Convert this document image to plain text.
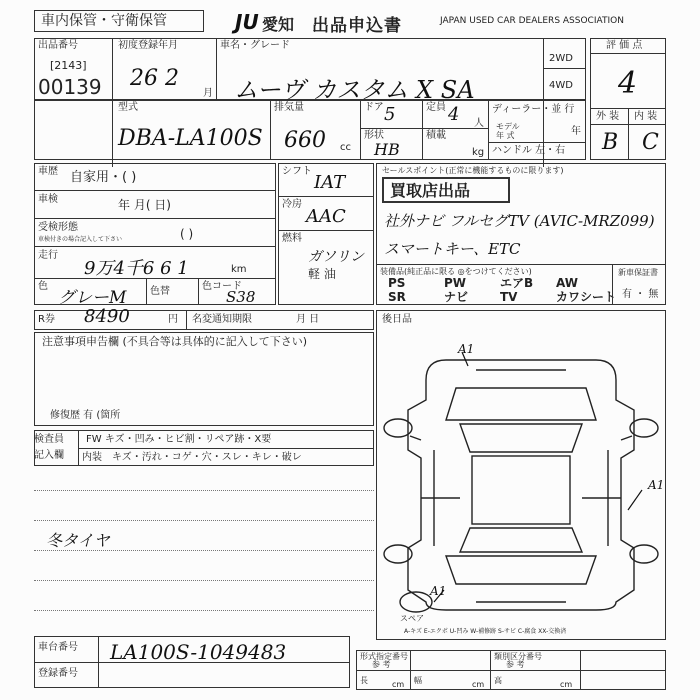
車内保管・守衛保管	JU 愛知 出品申込書	JAPAN USED CAR DEALERS ASSOCIATION
出品番号
[2143]
00139
初度登録年月
26 2
月
車名・グレード
ムーヴ カスタム X SA
2WD
4WD
評 価 点
4
外 装 内 装
B C
型式
DBA-LA100S
排気量
660 cc
ドア 5
形状
HB
定員 4 人
積載
kg
ディーラー・並 行
モデル
年 式	年
ハンドル 左・右
車歴 自家用・( )
車検	年 月( 日)
受検形態
車検付きの場合記入して下さい	( )
走行
9万4千6 6 1	km
色
グレーM 色替	色コード
S38
シフト
IAT
冷房
AAC
燃料
ガソリン
軽 油
セールスポイント(正常に機能するものに限ります)
買取店出品
社外ナビ フルセグTV (AVIC-MRZ099)
スマートキー、ETC
装備品(純正品に限る ◎をつけてください)
PS	PW	エアB AW
SR	ナビ	TV	カワシート
新車保証書
有 ・ 無
R券 8490	円 名変通知期限	月 日
注意事項申告欄 (不具合等は具体的に記入して下さい)
修復歴 有 (箇所
検査員
記入欄
FW キズ・凹み・ヒビ割・リペア跡・X要
内装 キズ・汚れ・コゲ・穴・スレ・キレ・破レ
冬タイヤ
後日品
A1
A1
A1
スペア
A-キズ E-エクボ U-凹み W-補修跡 S-サビ C-腐食 XX-交換済
車台番号 LA100S-1049483
登録番号
形式指定番号
参 考
類別区分番号
参 考
長	cm 幅	cm 高	cm
